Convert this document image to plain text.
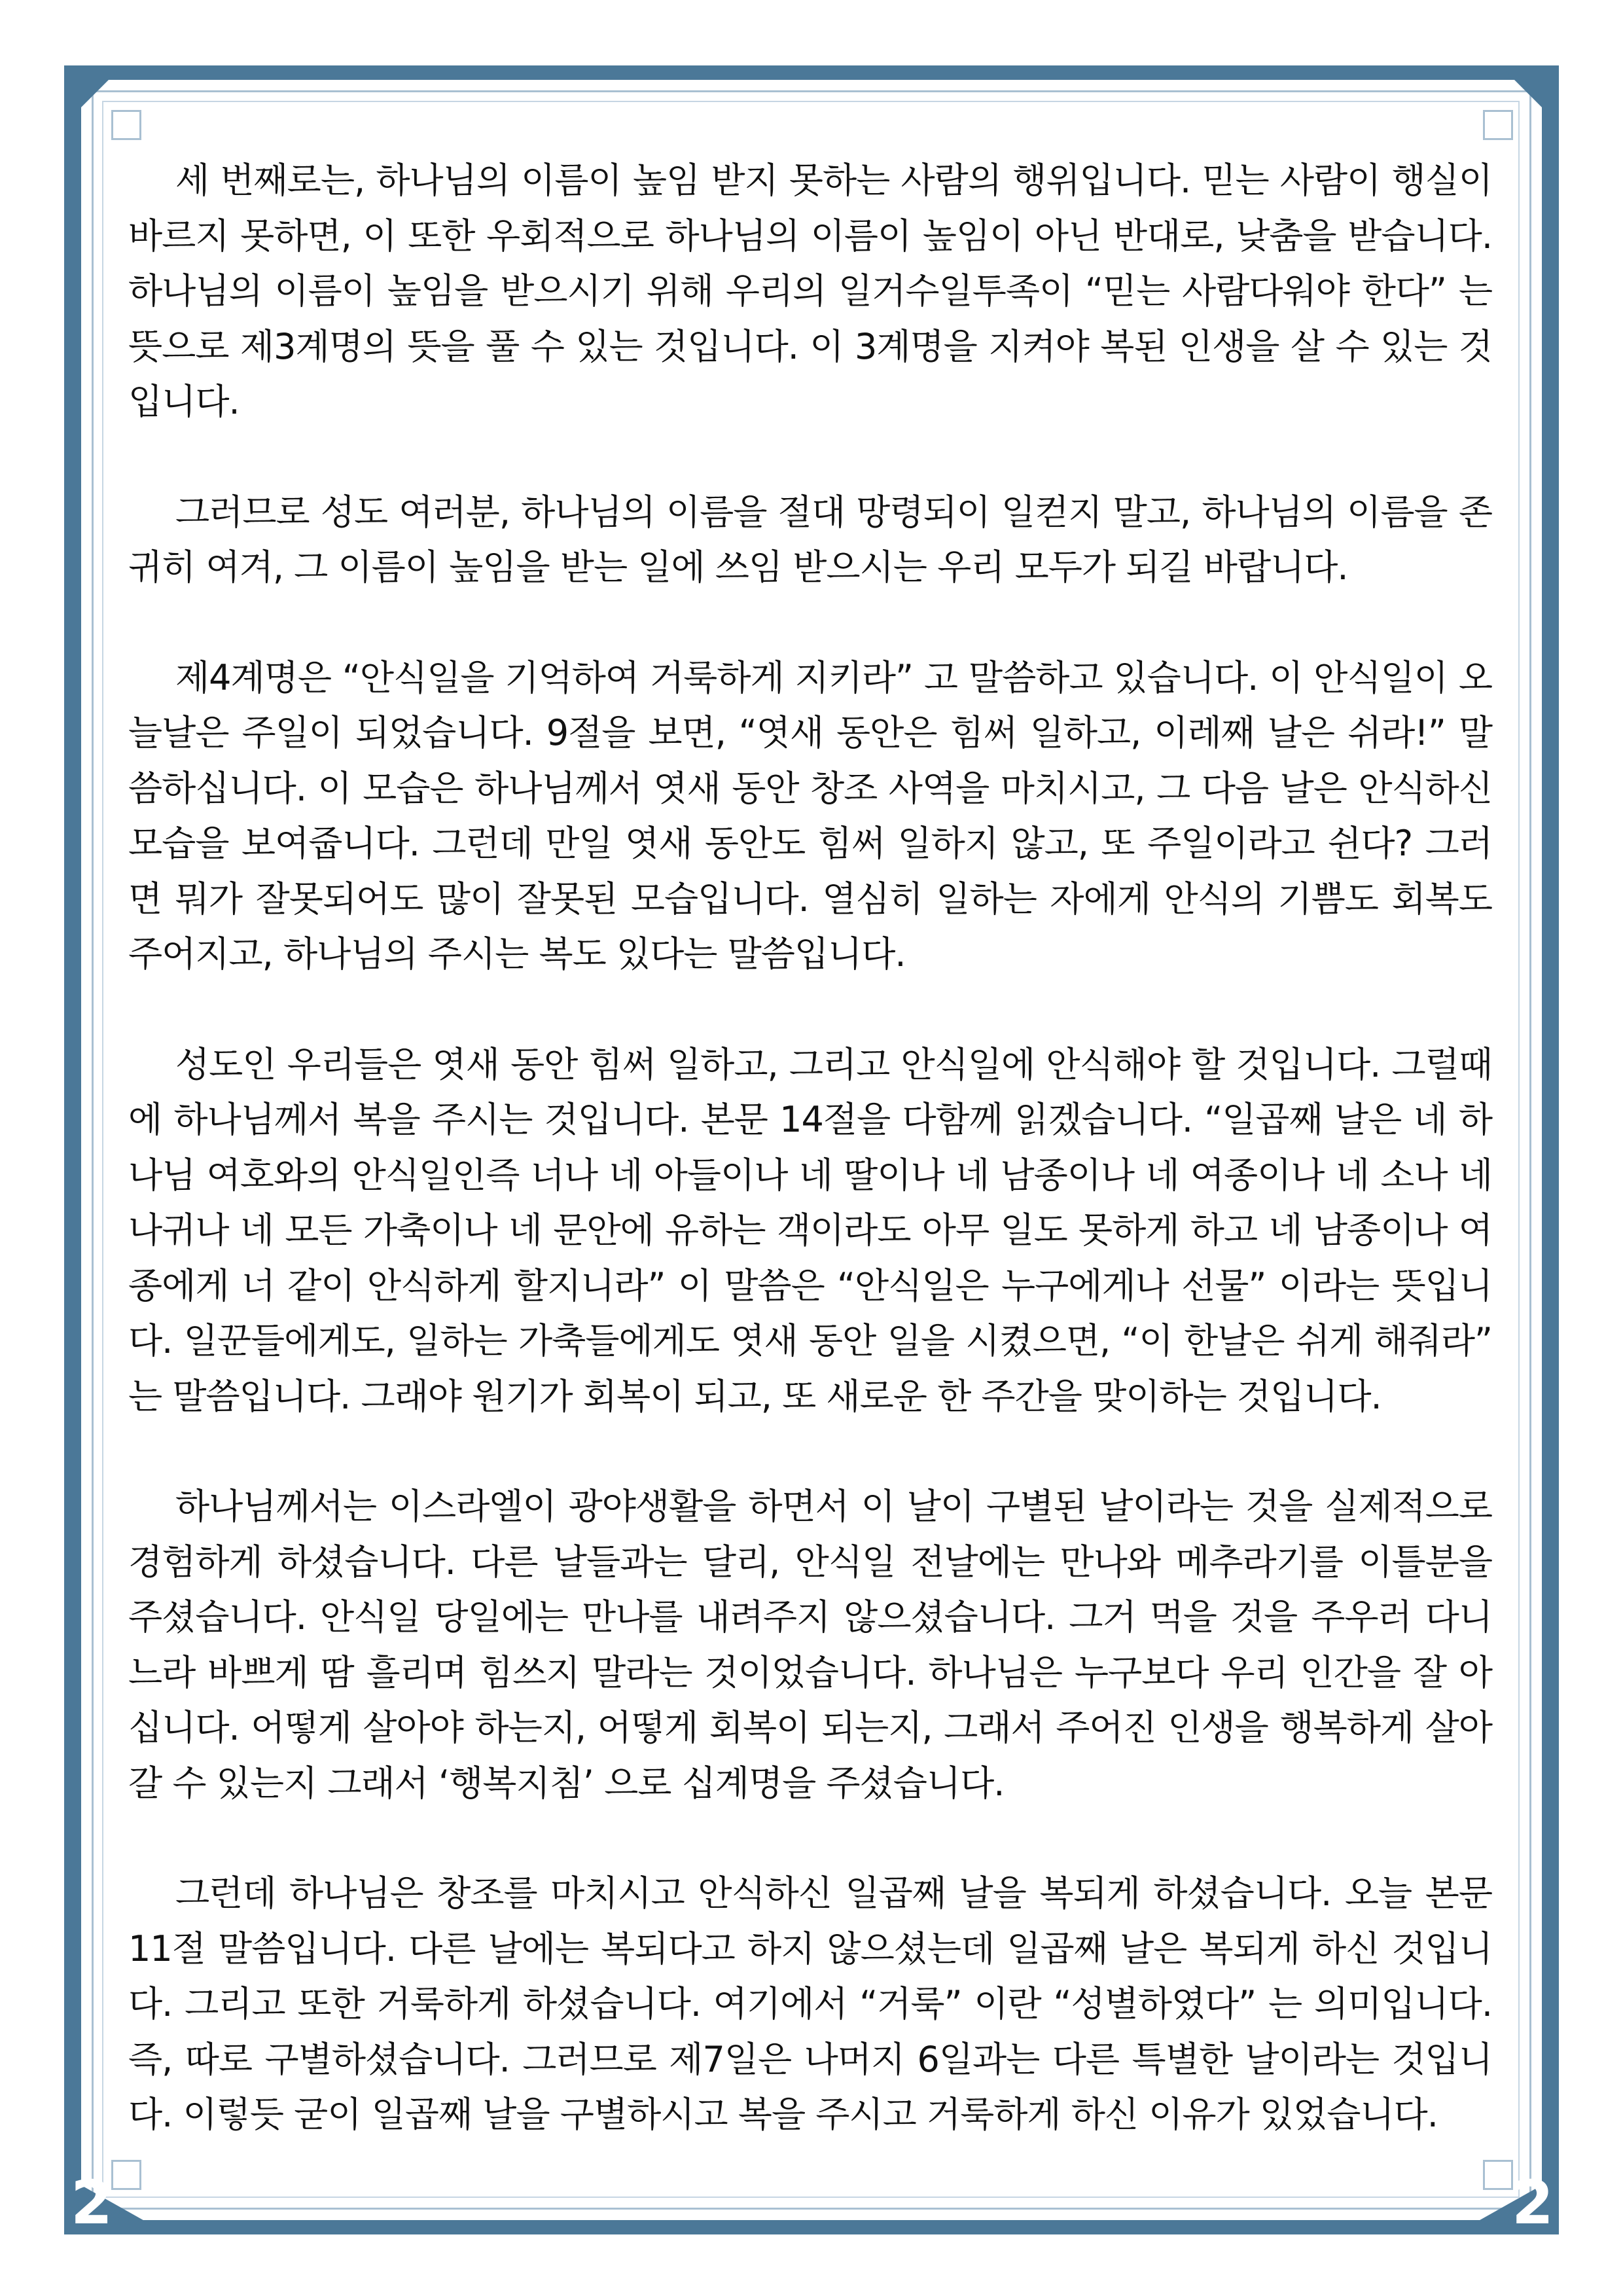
2	2

세 번째로는, 하나님의 이름이 높임 받지 못하는 사람의 행위입니다. 믿는 사람이 행실이 바르지 못하면, 이 또한 우회적으로 하나님의 이름이 높임이 아닌 반대로, 낮춤을 받습니다. 하나님의 이름이 높임을 받으시기 위해 우리의 일거수일투족이 “믿는 사람다워야 한다” 는 뜻으로 제3계명의 뜻을 풀 수 있는 것입니다. 이 3계명을 지켜야 복된 인생을 살 수 있는 것입니다.

그러므로 성도 여러분, 하나님의 이름을 절대 망령되이 일컫지 말고, 하나님의 이름을 존귀히 여겨, 그 이름이 높임을 받는 일에 쓰임 받으시는 우리 모두가 되길 바랍니다.

제4계명은 “안식일을 기억하여 거룩하게 지키라” 고 말씀하고 있습니다. 이 안식일이 오늘날은 주일이 되었습니다. 9절을 보면, “엿새 동안은 힘써 일하고, 이레째 날은 쉬라!” 말씀하십니다. 이 모습은 하나님께서 엿새 동안 창조 사역을 마치시고, 그 다음 날은 안식하신 모습을 보여줍니다. 그런데 만일 엿새 동안도 힘써 일하지 않고, 또 주일이라고 쉰다? 그러면 뭐가 잘못되어도 많이 잘못된 모습입니다. 열심히 일하는 자에게 안식의 기쁨도 회복도 주어지고, 하나님의 주시는 복도 있다는 말씀입니다.

성도인 우리들은 엿새 동안 힘써 일하고, 그리고 안식일에 안식해야 할 것입니다. 그럴때에 하나님께서 복을 주시는 것입니다. 본문 14절을 다함께 읽겠습니다. “일곱째 날은 네 하나님 여호와의 안식일인즉 너나 네 아들이나 네 딸이나 네 남종이나 네 여종이나 네 소나 네 나귀나 네 모든 가축이나 네 문안에 유하는 객이라도 아무 일도 못하게 하고 네 남종이나 여종에게 너 같이 안식하게 할지니라” 이 말씀은 “안식일은 누구에게나 선물” 이라는 뜻입니다. 일꾼들에게도, 일하는 가축들에게도 엿새 동안 일을 시켰으면, “이 한날은 쉬게 해줘라” 는 말씀입니다. 그래야 원기가 회복이 되고, 또 새로운 한 주간을 맞이하는 것입니다.

하나님께서는 이스라엘이 광야생활을 하면서 이 날이 구별된 날이라는 것을 실제적으로 경험하게 하셨습니다. 다른 날들과는 달리, 안식일 전날에는 만나와 메추라기를 이틀분을 주셨습니다. 안식일 당일에는 만나를 내려주지 않으셨습니다. 그거 먹을 것을 주우러 다니느라 바쁘게 땀 흘리며 힘쓰지 말라는 것이었습니다. 하나님은 누구보다 우리 인간을 잘 아십니다. 어떻게 살아야 하는지, 어떻게 회복이 되는지, 그래서 주어진 인생을 행복하게 살아갈 수 있는지 그래서 ‘행복지침’ 으로 십계명을 주셨습니다.

그런데 하나님은 창조를 마치시고 안식하신 일곱째 날을 복되게 하셨습니다. 오늘 본문 11절 말씀입니다. 다른 날에는 복되다고 하지 않으셨는데 일곱째 날은 복되게 하신 것입니다. 그리고 또한 거룩하게 하셨습니다. 여기에서 “거룩” 이란 “성별하였다” 는 의미입니다. 즉, 따로 구별하셨습니다. 그러므로 제7일은 나머지 6일과는 다른 특별한 날이라는 것입니다. 이렇듯 굳이 일곱째 날을 구별하시고 복을 주시고 거룩하게 하신 이유가 있었습니다.
